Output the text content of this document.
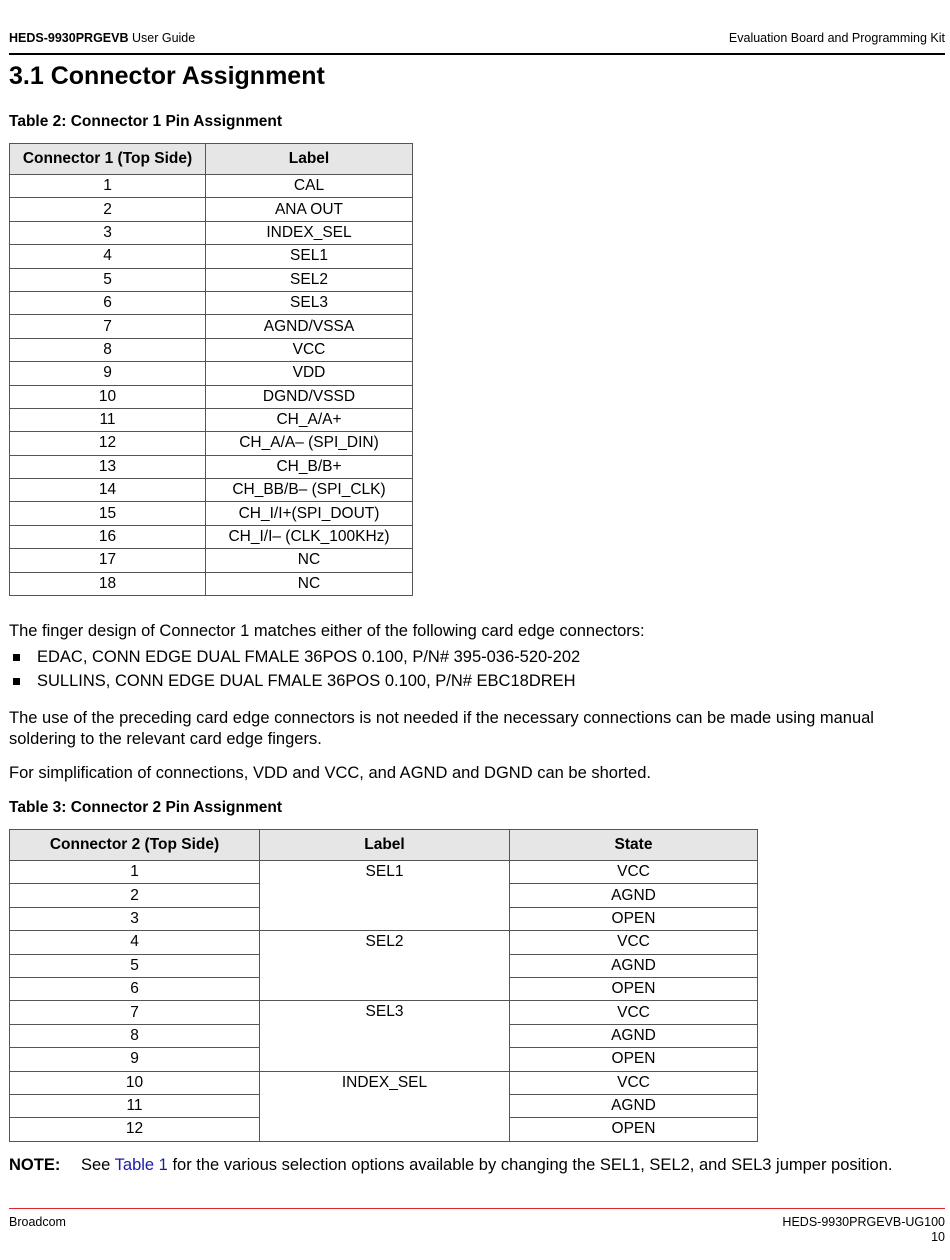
HEDS-9930PRGEVB User Guide	Evaluation Board and Programming Kit
3.1 Connector Assignment

Table 2: Connector 1 Pin Assignment

Connector 1 (Top Side)	Label
1	CAL
2	ANA OUT
3	INDEX_SEL
4	SEL1
5	SEL2
6	SEL3
7	AGND/VSSA
8	VCC
9	VDD
10	DGND/VSSD
11	CH_A/A+
12	CH_A/A– (SPI_DIN)
13	CH_B/B+
14	CH_BB/B– (SPI_CLK)
15	CH_I/I+(SPI_DOUT)
16	CH_I/I– (CLK_100KHz)
17	NC
18	NC

The finger design of Connector 1 matches either of the following card edge connectors:

EDAC, CONN EDGE DUAL FMALE 36POS 0.100, P/N# 395-036-520-202
SULLINS, CONN EDGE DUAL FMALE 36POS 0.100, P/N# EBC18DREH

The use of the preceding card edge connectors is not needed if the necessary connections can be made using manual soldering to the relevant card edge fingers.

For simplification of connections, VDD and VCC, and AGND and DGND can be shorted.

Table 3: Connector 2 Pin Assignment

Connector 2 (Top Side)	Label	State
1	SEL1	VCC
2		AGND
3		OPEN
4	SEL2	VCC
5		AGND
6		OPEN
7	SEL3	VCC
8		AGND
9		OPEN
10	INDEX_SEL	VCC
11		AGND
12		OPEN
NOTE: See Table 1 for the various selection options available by changing the SEL1, SEL2, and SEL3 jumper position.
Broadcom	HEDS-9930PRGEVB-UG100
10
